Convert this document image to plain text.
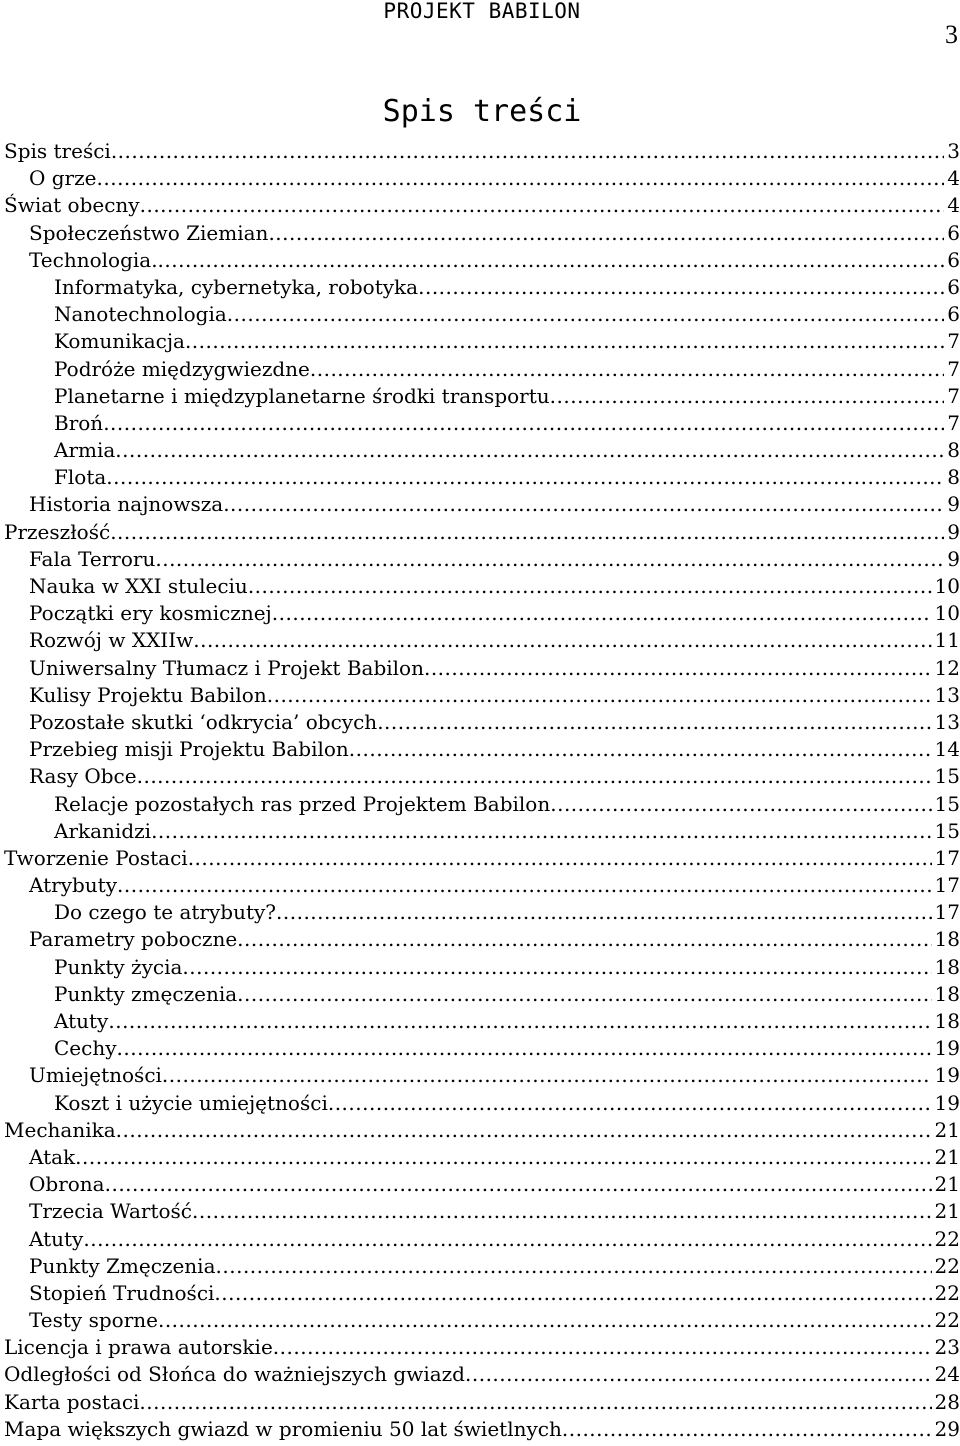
PROJEKT BABILON
3
Spis treści
Spis treści .....	3
O grze .....	4
Świat obecny .....	4
Społeczeństwo Ziemian .....	6
Technologia. .....	6
Informatyka, cybernetyka, robotyka .....	6
Nanotechnologia .....	6
Komunikacja .....	7
Podróże międzygwiezdne .....	7
Planetarne i międzyplanetarne środki transportu .....	7
Broń .....	7
Armia .....	8
Flota .....	8
Historia najnowsza .....	9
Przeszłość .....	9
Fala Terroru .....	9
Nauka w XXI stuleciu .....	10
Początki ery kosmicznej .....	10
Rozwój w XXIIw .....	11
Uniwersalny Tłumacz i Projekt Babilon .....	12
Kulisy Projektu Babilon .....	13
Pozostałe skutki ‘odkrycia’ obcych .....	13
Przebieg misji Projektu Babilon .....	14
Rasy Obce .....	15
Relacje pozostałych ras przed Projektem Babilon .....	15
Arkanidzi .....	15
Tworzenie Postaci .....	17
Atrybuty .....	17
Do czego te atrybuty? .....	17
Parametry poboczne .....	18
Punkty życia .....	18
Punkty zmęczenia .....	18
Atuty .....	18
Cechy .....	19
Umiejętności .....	19
Koszt i użycie umiejętności .....	19
Mechanika .....	21
Atak .....	21
Obrona .....	21
Trzecia Wartość .....	21
Atuty .....	22
Punkty Zmęczenia .....	22
Stopień Trudności .....	22
Testy sporne .....	22
Licencja i prawa autorskie .....	23
Odległości od Słońca do ważniejszych gwiazd .....	24
Karta postaci .....	28
Mapa większych gwiazd w promieniu 50 lat świetlnych .....	29
